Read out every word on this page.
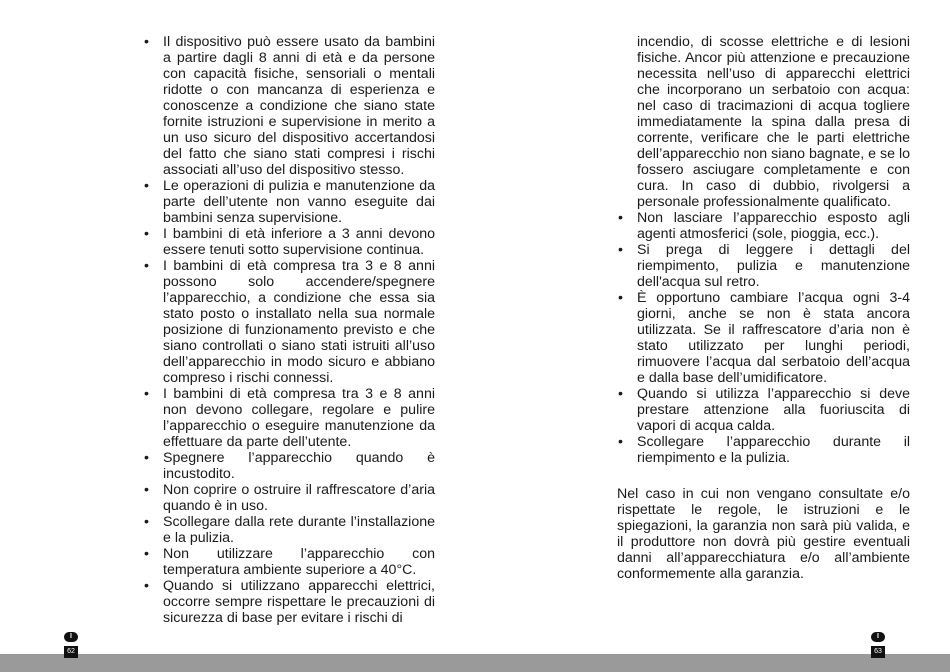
• Il dispositivo può essere usato da bambini a partire dagli 8 anni di età e da persone con capacità fisiche, sensoriali o mentali ridotte o con mancanza di esperienza e conoscenze a condizione che siano state fornite istruzioni e supervisione in merito a un uso sicuro del dispositivo accertandosi del fatto che siano stati compresi i rischi associati all’uso del dispositivo stesso.
• Le operazioni di pulizia e manutenzione da parte dell’utente non vanno eseguite dai bambini senza supervisione.
• I bambini di età inferiore a 3 anni devono essere tenuti sotto supervisione continua.
• I bambini di età compresa tra 3 e 8 anni possono solo accendere/spegnere l’apparecchio, a condizione che essa sia stato posto o installato nella sua normale posizione di funzionamento previsto e che siano controllati o siano stati istruiti all’uso dell’apparecchio in modo sicuro e abbiano compreso i rischi connessi.
• I bambini di età compresa tra 3 e 8 anni non devono collegare, regolare e pulire l’apparecchio o eseguire manutenzione da effettuare da parte dell’utente.
• Spegnere l’apparecchio quando è incustodito.
• Non coprire o ostruire il raffrescatore d’aria quando è in uso.
• Scollegare dalla rete durante l’installazione e la pulizia.
• Non utilizzare l’apparecchio con temperatura ambiente superiore a 40°C.
• Quando si utilizzano apparecchi elettrici, occorre sempre rispettare le precauzioni di sicurezza di base per evitare i rischi di
incendio, di scosse elettriche e di lesioni fisiche. Ancor più attenzione e precauzione necessita nell’uso di apparecchi elettrici che incorporano un serbatoio con acqua: nel caso di tracimazioni di acqua togliere immediatamente la spina dalla presa di corrente, verificare che le parti elettriche dell’apparecchio non siano bagnate, e se lo fossero asciugare completamente e con cura. In caso di dubbio, rivolgersi a personale professionalmente qualificato.
• Non lasciare l’apparecchio esposto agli agenti atmosferici (sole, pioggia, ecc.).
• Si prega di leggere i dettagli del riempimento, pulizia e manutenzione dell'acqua sul retro.
• È opportuno cambiare l’acqua ogni 3-4 giorni, anche se non è stata ancora utilizzata. Se il raffrescatore d’aria non è stato utilizzato per lunghi periodi, rimuovere l’acqua dal serbatoio dell’acqua e dalla base dell’umidificatore.
• Quando si utilizza l’apparecchio si deve prestare attenzione alla fuoriuscita di vapori di acqua calda.
• Scollegare l’apparecchio durante il riempimento e la pulizia.
Nel caso in cui non vengano consultate e/o rispettate le regole, le istruzioni e le spiegazioni, la garanzia non sarà più valida, e il produttore non dovrà più gestire eventuali danni all’apparecchiatura e/o all’ambiente conformemente alla garanzia.
I
62
I
63
